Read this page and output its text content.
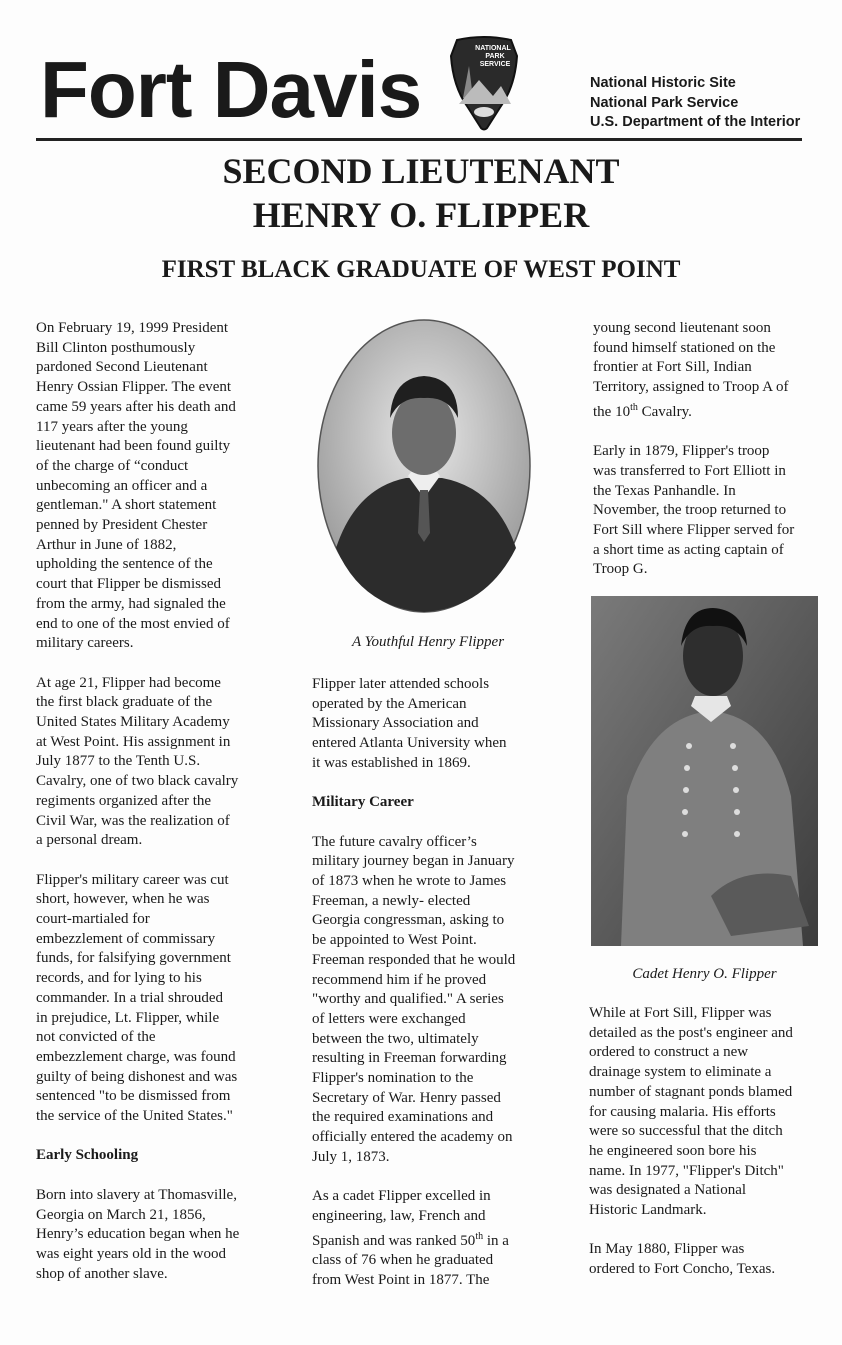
Fort Davis	NATIONAL
PARK
SERVICE
National Historic Site
National Park Service
U.S. Department of the Interior
SECOND LIEUTENANT
HENRY O. FLIPPER
FIRST BLACK GRADUATE OF WEST POINT
A Youthful Henry Flipper
Cadet Henry O. Flipper

On February 19, 1999 President

Bill Clinton posthumously

pardoned Second Lieutenant

Henry Ossian Flipper. The event

came 59 years after his death and

117 years after the young

lieutenant had been found guilty

of the charge of “conduct

unbecoming an officer and a

gentleman." A short statement

penned by President Chester

Arthur in June of 1882,

upholding the sentence of the

court that Flipper be dismissed

from the army, had signaled the

end to one of the most envied of

military careers.

At age 21, Flipper had become

the first black graduate of the

United States Military Academy

at West Point. His assignment in

July 1877 to the Tenth U.S.

Cavalry, one of two black cavalry

regiments organized after the

Civil War, was the realization of

a personal dream.

Flipper's military career was cut

short, however, when he was

court-martialed for

embezzlement of commissary

funds, for falsifying government

records, and for lying to his

commander. In a trial shrouded

in prejudice, Lt. Flipper, while

not convicted of the

embezzlement charge, was found

guilty of being dishonest and was

sentenced "to be dismissed from

the service of the United States."

Early Schooling

Born into slavery at Thomasville,

Georgia on March 21, 1856,

Henry’s education began when he

was eight years old in the wood

shop of another slave.

Flipper later attended schools

operated by the American

Missionary Association and

entered Atlanta University when

it was established in 1869.

Military Career

The future cavalry officer’s

military journey began in January

of 1873 when he wrote to James

Freeman, a newly- elected

Georgia congressman, asking to

be appointed to West Point.

Freeman responded that he would

recommend him if he proved

"worthy and qualified." A series

of letters were exchanged

between the two, ultimately

resulting in Freeman forwarding

Flipper's nomination to the

Secretary of War. Henry passed

the required examinations and

officially entered the academy on

July 1, 1873.

As a cadet Flipper excelled in

engineering, law, French and

Spanish and was ranked 50th in a

class of 76 when he graduated

from West Point in 1877. The

young second lieutenant soon

found himself stationed on the

frontier at Fort Sill, Indian

Territory, assigned to Troop A of

the 10th Cavalry.

Early in 1879, Flipper's troop

was transferred to Fort Elliott in

the Texas Panhandle. In

November, the troop returned to

Fort Sill where Flipper served for

a short time as acting captain of

Troop G.

While at Fort Sill, Flipper was

detailed as the post's engineer and

ordered to construct a new

drainage system to eliminate a

number of stagnant ponds blamed

for causing malaria. His efforts

were so successful that the ditch

he engineered soon bore his

name. In 1977, "Flipper's Ditch"

was designated a National

Historic Landmark.

In May 1880, Flipper was

ordered to Fort Concho, Texas.
